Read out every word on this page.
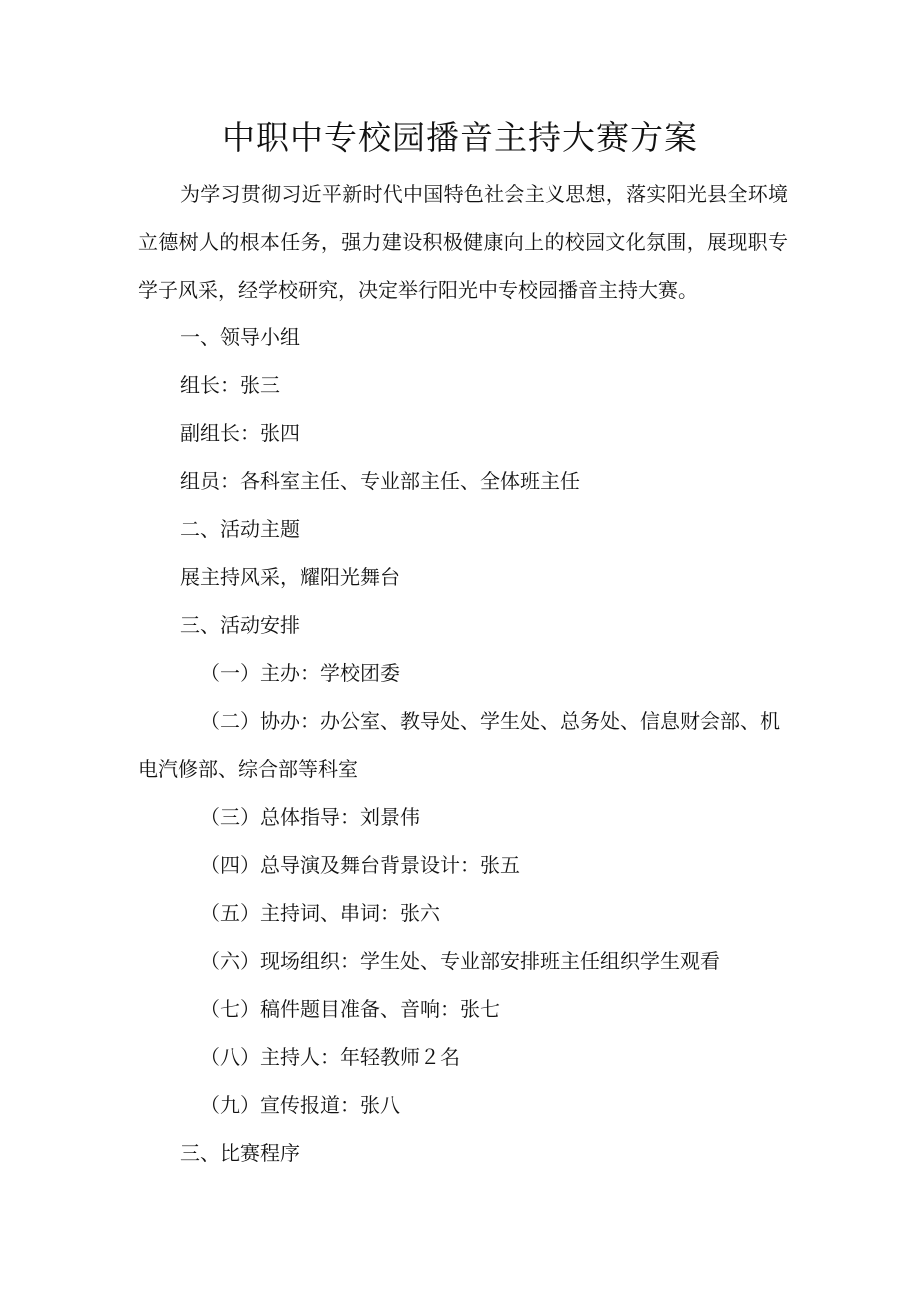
中职中专校园播音主持大赛方案

为学习贯彻习近平新时代中国特色社会主义思想，落实阳光县全环境立德树人的根本任务，强力建设积极健康向上的校园文化氛围，展现职专学子风采，经学校研究，决定举行阳光中专校园播音主持大赛。

一、领导小组

组长：张三

副组长：张四

组员：各科室主任、专业部主任、全体班主任

二、活动主题

展主持风采，耀阳光舞台

三、活动安排

（一）主办：学校团委

（二）协办：办公室、教导处、学生处、总务处、信息财会部、机电汽修部、综合部等科室

（三）总体指导：刘景伟

（四）总导演及舞台背景设计：张五

（五）主持词、串词：张六

（六）现场组织：学生处、专业部安排班主任组织学生观看

（七）稿件题目准备、音响：张七

（八）主持人：年轻教师２名

（九）宣传报道：张八

三、比赛程序
